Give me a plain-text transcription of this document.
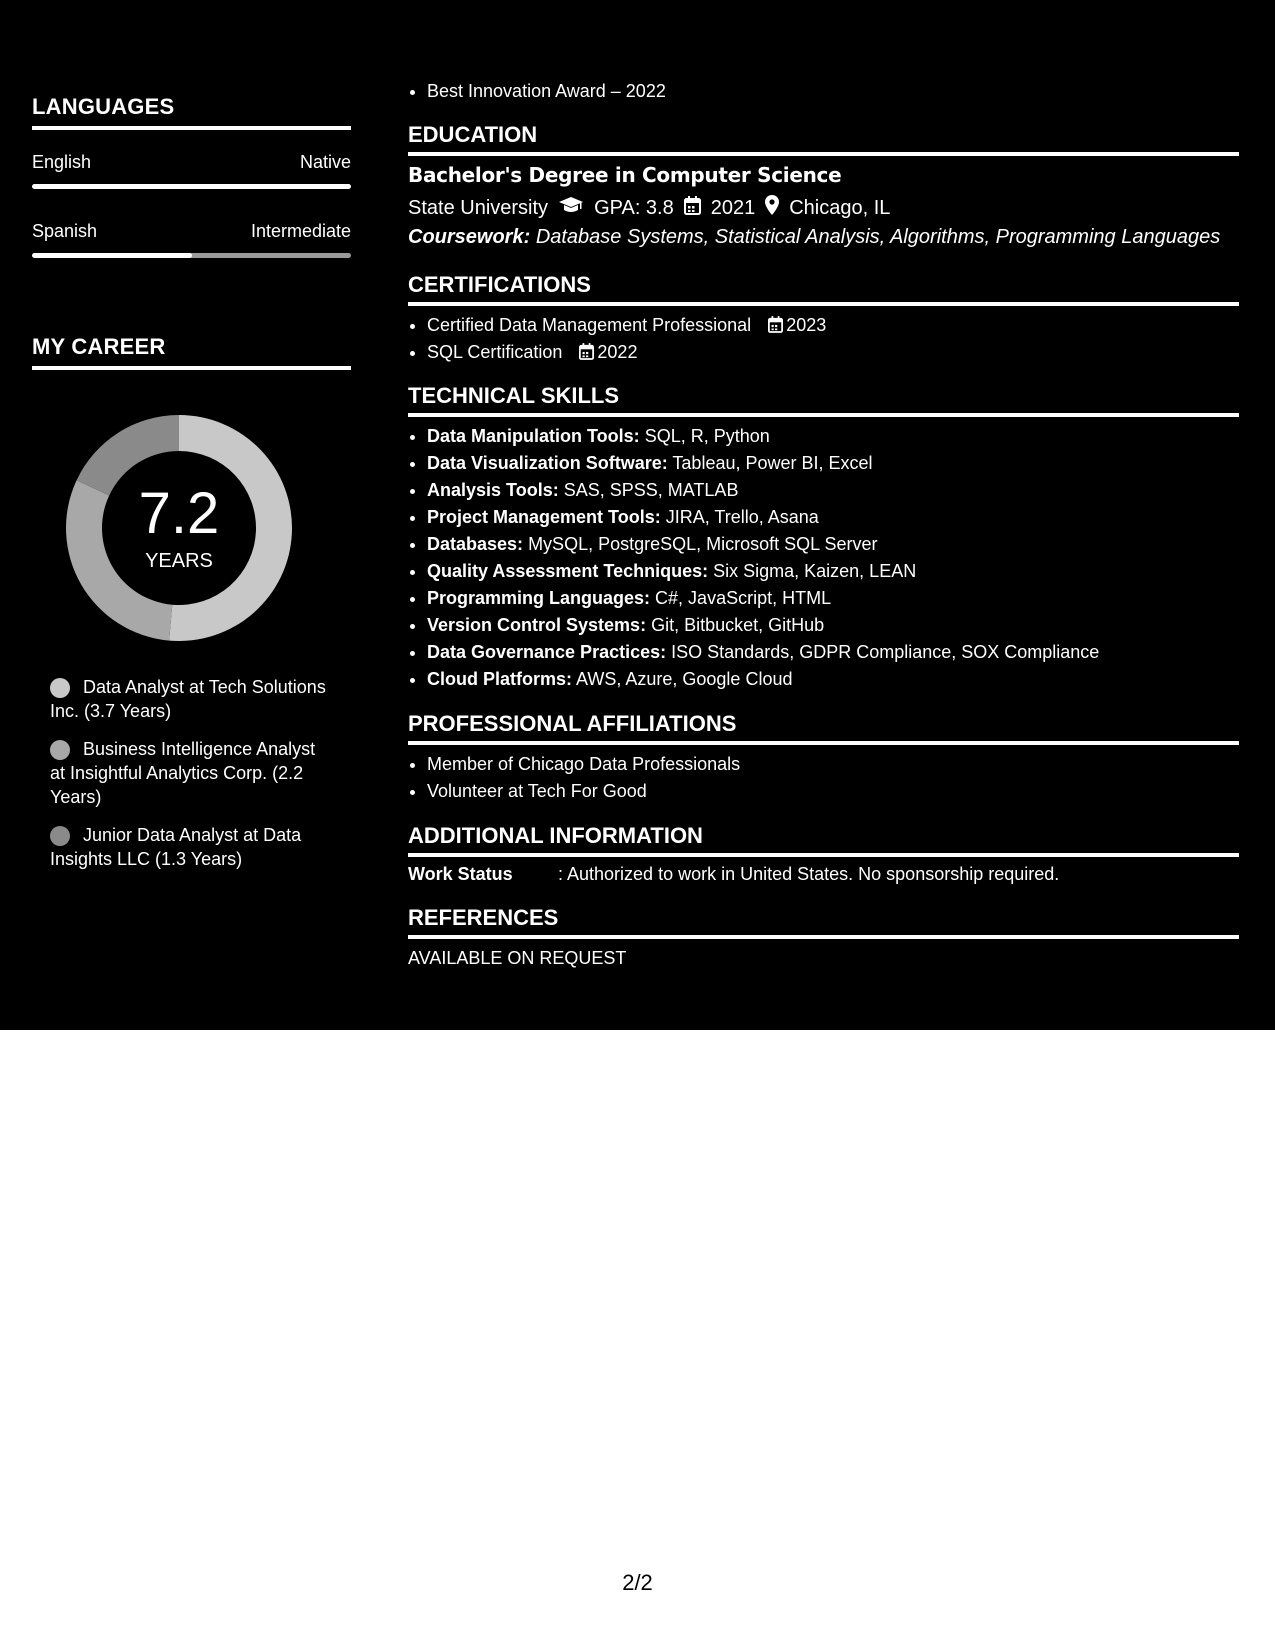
LANGUAGES
English	Native
Spanish	Intermediate
MY CAREER
7.2
YEARS
Data Analyst at Tech Solutions Inc. (3.7 Years)
Business Intelligence Analyst at Insightful Analytics Corp. (2.2 Years)
Junior Data Analyst at Data Insights LLC (1.3 Years)
• Best Innovation Award – 2022
EDUCATION
Bachelor's Degree in Computer Science
State University GPA: 3.8 2021 Chicago, IL
Coursework: Database Systems, Statistical Analysis, Algorithms, Programming Languages
CERTIFICATIONS
• Certified Data Management Professional 2023
• SQL Certification 2022
TECHNICAL SKILLS
• Data Manipulation Tools: SQL, R, Python
• Data Visualization Software: Tableau, Power BI, Excel
• Analysis Tools: SAS, SPSS, MATLAB
• Project Management Tools: JIRA, Trello, Asana
• Databases: MySQL, PostgreSQL, Microsoft SQL Server
• Quality Assessment Techniques: Six Sigma, Kaizen, LEAN
• Programming Languages: C#, JavaScript, HTML
• Version Control Systems: Git, Bitbucket, GitHub
• Data Governance Practices: ISO Standards, GDPR Compliance, SOX Compliance
• Cloud Platforms: AWS, Azure, Google Cloud
PROFESSIONAL AFFILIATIONS
• Member of Chicago Data Professionals
• Volunteer at Tech For Good
ADDITIONAL INFORMATION
Work Status	: Authorized to work in United States. No sponsorship required.
REFERENCES
AVAILABLE ON REQUEST
2/2
